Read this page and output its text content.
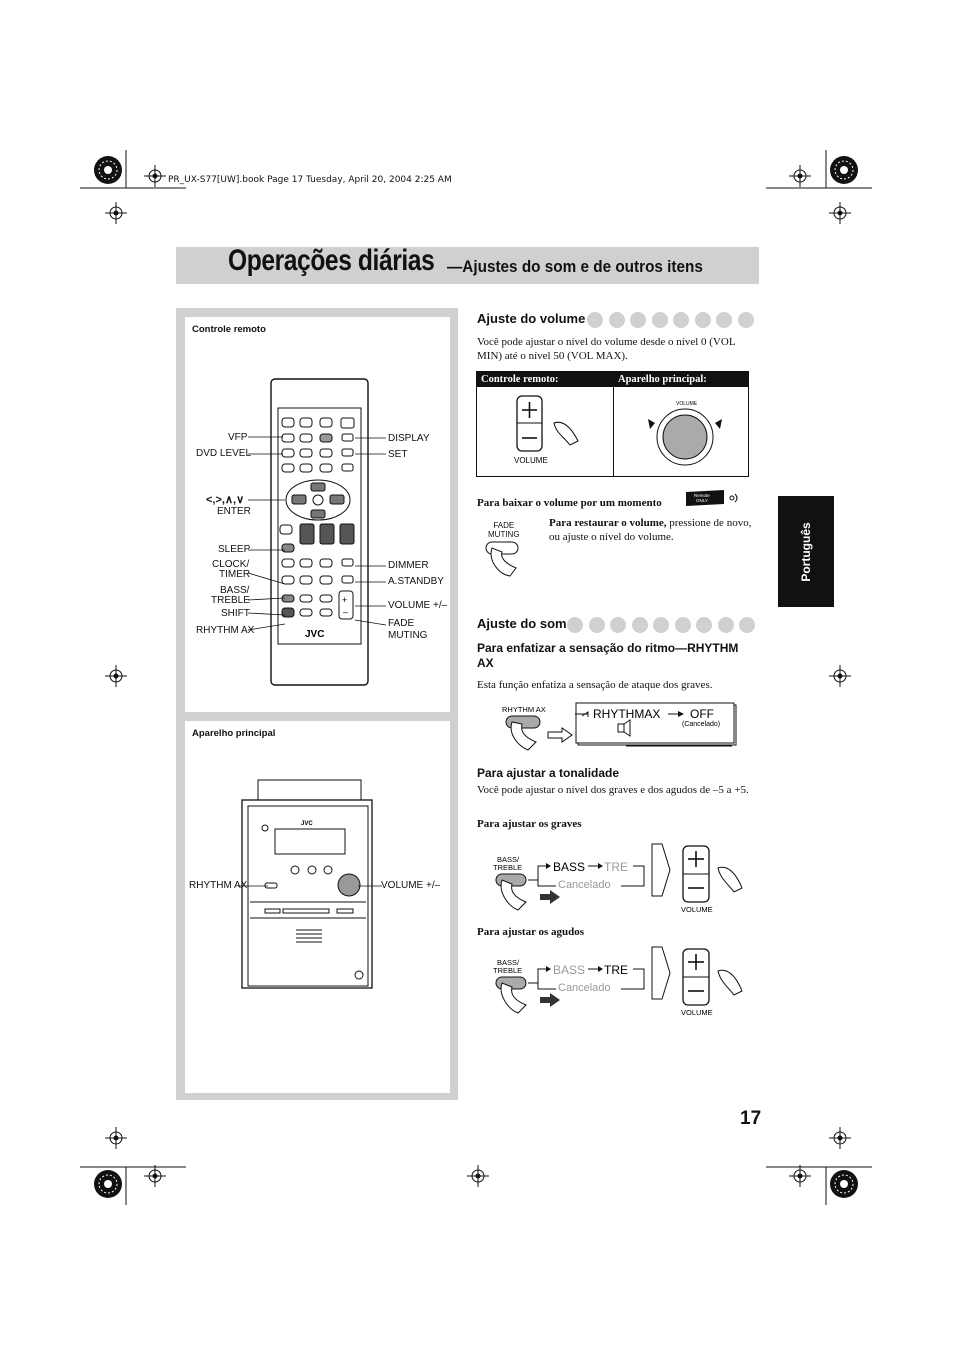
PR_UX-S77[UW].book Page 17 Tuesday, April 20, 2004 2:25 AM
Operações diárias —Ajustes do som e de outros itens
Português
Controle remoto
+
–
JVC
VFP
DVD LEVEL
<,>,∧,∨
ENTER
SLEEP
CLOCK/
TIMER
BASS/
TREBLE
SHIFT
RHYTHM AX
DISPLAY
SET
DIMMER
A.STANDBY
VOLUME +/–
FADE
MUTING
Aparelho principal
JVC
RHYTHM AX	VOLUME +/–
Ajuste do volume
Você pode ajustar o nível do volume desde o nível 0 (VOL MIN) até o nível 50 (VOL MAX).
Controle remoto:	Aparelho principal:
VOLUME
VOLUME
Para baixar o volume por um momento
Remote
ONLY
FADE
MUTING
Para restaurar o volume, pressione de novo, ou ajuste o nível do volume.
Ajuste do som
Para enfatizar a sensação do ritmo—RHYTHM AX
Esta função enfatiza a sensação de ataque dos graves.
RHYTHM AX	RHYTHMAX OFF
(Cancelado)
Para ajustar a tonalidade
Você pode ajustar o nível dos graves e dos agudos de –5 a +5.
Para ajustar os graves
BASS/
TREBLE	BASS TRE
Cancelado
VOLUME
Para ajustar os agudos
BASS/
TREBLE	BASS TRE
Cancelado
VOLUME
17
